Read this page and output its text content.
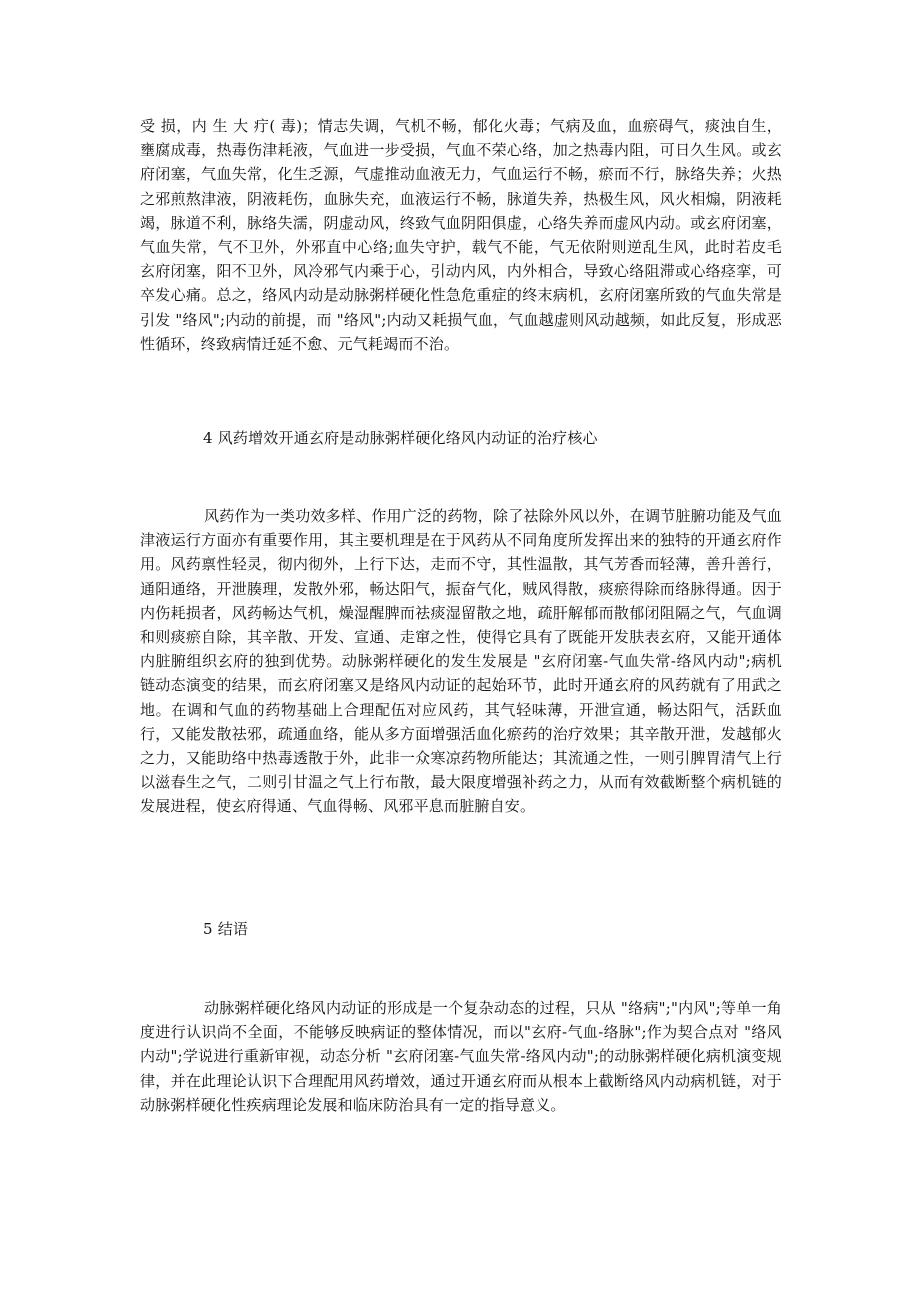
受 损，内 生 大 疔( 毒)；情志失调，气机不畅，郁化火毒；气病及血，血瘀碍气，痰浊自生，壅腐成毒，热毒伤津耗液，气血进一步受损，气血不荣心络，加之热毒内阻，可日久生风。或玄府闭塞，气血失常，化生乏源，气虚推动血液无力，气血运行不畅，瘀而不行，脉络失养；火热之邪煎熬津液，阴液耗伤，血脉失充，血液运行不畅，脉道失养，热极生风，风火相煽，阴液耗竭，脉道不利，脉络失濡，阴虚动风，终致气血阴阳俱虚，心络失养而虚风内动。或玄府闭塞，气血失常，气不卫外，外邪直中心络;血失守护，载气不能，气无依附则逆乱生风，此时若皮毛玄府闭塞，阳不卫外，风冷邪气内乘于心，引动内风，内外相合，导致心络阻滞或心络痉挛，可卒发心痛。总之，络风内动是动脉粥样硬化性急危重症的终末病机，玄府闭塞所致的气血失常是引发 "络风";内动的前提，而 "络风";内动又耗损气血，气血越虚则风动越频，如此反复，形成恶性循环，终致病情迁延不愈、元气耗竭而不治。

4 风药增效开通玄府是动脉粥样硬化络风内动证的治疗核心

风药作为一类功效多样、作用广泛的药物，除了祛除外风以外，在调节脏腑功能及气血津液运行方面亦有重要作用，其主要机理是在于风药从不同角度所发挥出来的独特的开通玄府作用。风药禀性轻灵，彻内彻外，上行下达，走而不守，其性温散，其气芳香而轻薄，善升善行，通阳通络，开泄腠理，发散外邪，畅达阳气，振奋气化，贼风得散，痰瘀得除而络脉得通。因于内伤耗损者，风药畅达气机，燥湿醒脾而祛痰湿留散之地，疏肝解郁而散郁闭阻隔之气，气血调和则痰瘀自除，其辛散、开发、宣通、走窜之性，使得它具有了既能开发肤表玄府，又能开通体内脏腑组织玄府的独到优势。动脉粥样硬化的发生发展是 "玄府闭塞-气血失常-络风内动";病机链动态演变的结果，而玄府闭塞又是络风内动证的起始环节，此时开通玄府的风药就有了用武之地。在调和气血的药物基础上合理配伍对应风药，其气轻味薄，开泄宣通，畅达阳气，活跃血行，又能发散祛邪，疏通血络，能从多方面增强活血化瘀药的治疗效果；其辛散开泄，发越郁火之力，又能助络中热毒透散于外，此非一众寒凉药物所能达；其流通之性，一则引脾胃清气上行以滋春生之气，二则引甘温之气上行布散，最大限度增强补药之力，从而有效截断整个病机链的发展进程，使玄府得通、气血得畅、风邪平息而脏腑自安。

5 结语

动脉粥样硬化络风内动证的形成是一个复杂动态的过程，只从 "络病";"内风";等单一角度进行认识尚不全面，不能够反映病证的整体情况，而以"玄府-气血-络脉";作为契合点对 "络风内动";学说进行重新审视，动态分析 "玄府闭塞-气血失常-络风内动";的动脉粥样硬化病机演变规律，并在此理论认识下合理配用风药增效，通过开通玄府而从根本上截断络风内动病机链，对于动脉粥样硬化性疾病理论发展和临床防治具有一定的指导意义。
